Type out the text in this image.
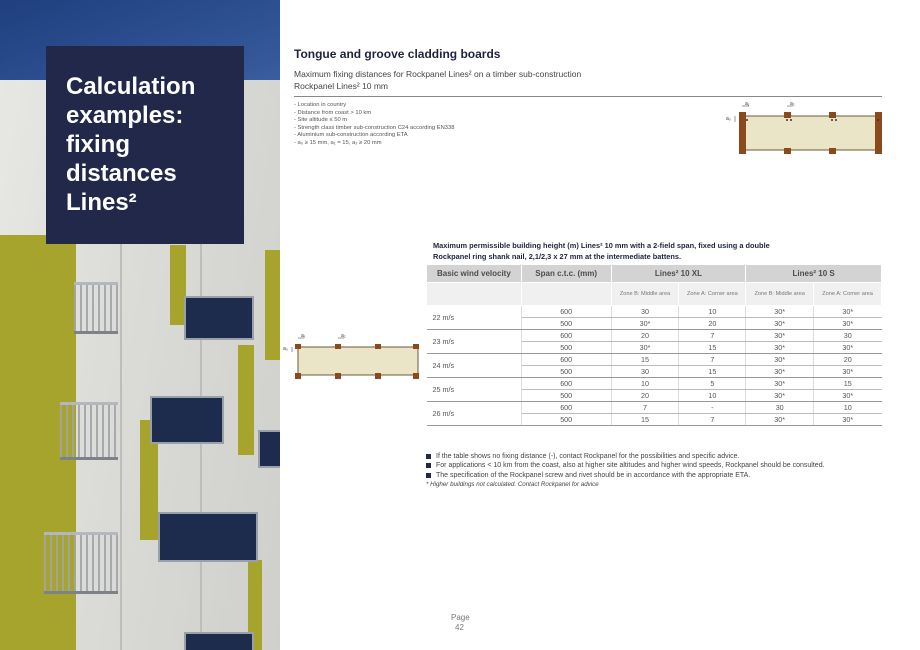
Calculation examples: fixing distances Lines²
Tongue and groove cladding boards
Maximum fixing distances for Rockpanel Lines² on a timber sub-construction
Rockpanel Lines² 10 mm
- Location in country
- Distance from coast > 10 km
- Site altitude ≤ 50 m
- Strength class timber sub-construction C24 according EN338
- Aluminium sub-construction according ETA
- a₀ ≥ 15 mm, a₁ = 15, a₂ ≥ 20 mm
a₁	a₂
a₀
a₁	a₂
a₀
Maximum permissible building height (m) Lines² 10 mm with a 2-field span, fixed using a double
Rockpanel ring shank nail, 2,1/2,3 x 27 mm at the intermediate battens.
Basic wind velocity	Span c.t.c. (mm)	Lines² 10 XL		Lines² 10 S	
		Zone B: Middle area	Zone A: Corner area	Zone B: Middle area	Zone A: Corner area
22 m/s	600	30	10	30*	30*
	500	30*	20	30*	30*
23 m/s	600	20	7	30*	30
	500	30*	15	30*	30*
24 m/s	600	15	7	30*	20
	500	30	15	30*	30*
25 m/s	600	10	5	30*	15
	500	20	10	30*	30*
26 m/s	600	7	-	30	10
	500	15	7	30*	30*
If the table shows no fixing distance (-), contact Rockpanel for the possibilities and specific advice.
For applications < 10 km from the coast, also at higher site altitudes and higher wind speeds, Rockpanel should be consulted.
The specification of the Rockpanel screw and rivet should be in accordance with the appropriate ETA.
* Higher buildings not calculated. Contact Rockpanel for advice
Page
42
